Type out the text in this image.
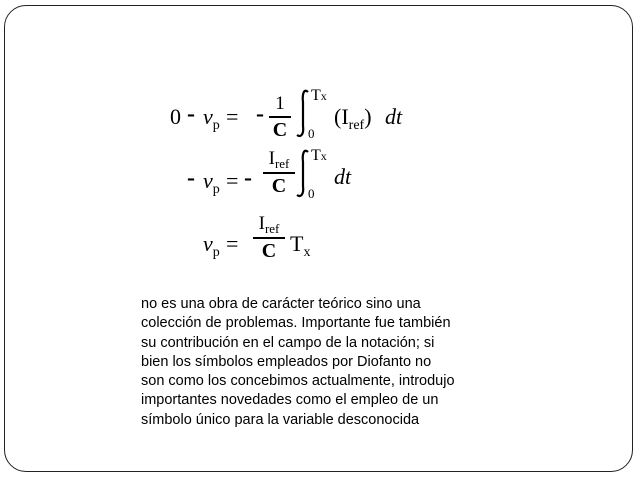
$0 - v_p$ = - 1
C
Tx
0
$(I_{ref})$ dt
- $v_p$ = -
$I_{ref}$
C
Tx
0
dt
$v_p$ =
$I_{ref}$
C $T_x$
no es una obra de carácter teórico sino una
colección de problemas. Importante fue también
su contribución en el campo de la notación; si
bien los símbolos empleados por Diofanto no
son como los concebimos actualmente, introdujo
importantes novedades como el empleo de un
símbolo único para la variable desconocida
